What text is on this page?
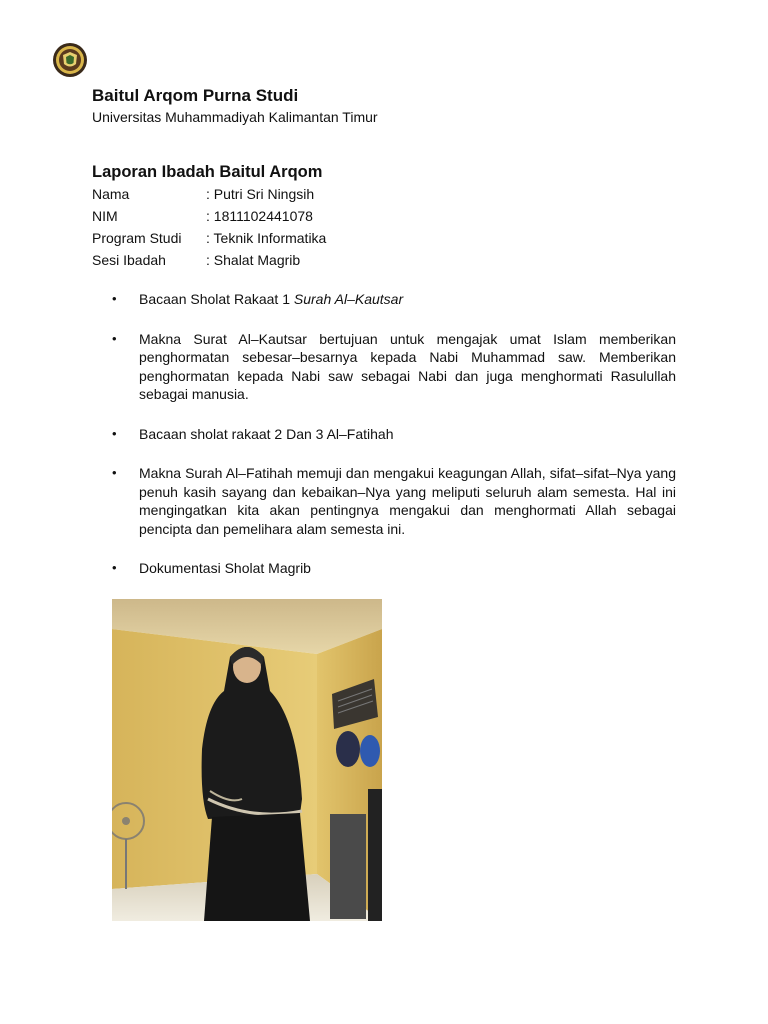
Baitul Arqom Purna Studi
Universitas Muhammadiyah Kalimantan Timur
Laporan Ibadah Baitul Arqom
Nama	: Putri Sri Ningsih
NIM	: 1811102441078
Program Studi	: Teknik Informatika
Sesi Ibadah	: Shalat Magrib
•	Bacaan Sholat Rakaat 1 Surah Al–Kautsar
•	Makna Surat Al–Kautsar bertujuan untuk mengajak umat Islam memberikan penghormatan sebesar–besarnya kepada Nabi Muhammad saw. Memberikan penghormatan kepada Nabi saw sebagai Nabi dan juga menghormati Rasulullah sebagai manusia.
•	Bacaan sholat rakaat 2 Dan 3 Al–Fatihah
•	Makna Surah Al–Fatihah memuji dan mengakui keagungan Allah, sifat–sifat–Nya yang penuh kasih sayang dan kebaikan–Nya yang meliputi seluruh alam semesta. Hal ini mengingatkan kita akan pentingnya mengakui dan menghormati Allah sebagai pencipta dan pemelihara alam semesta ini.
•	Dokumentasi Sholat Magrib
